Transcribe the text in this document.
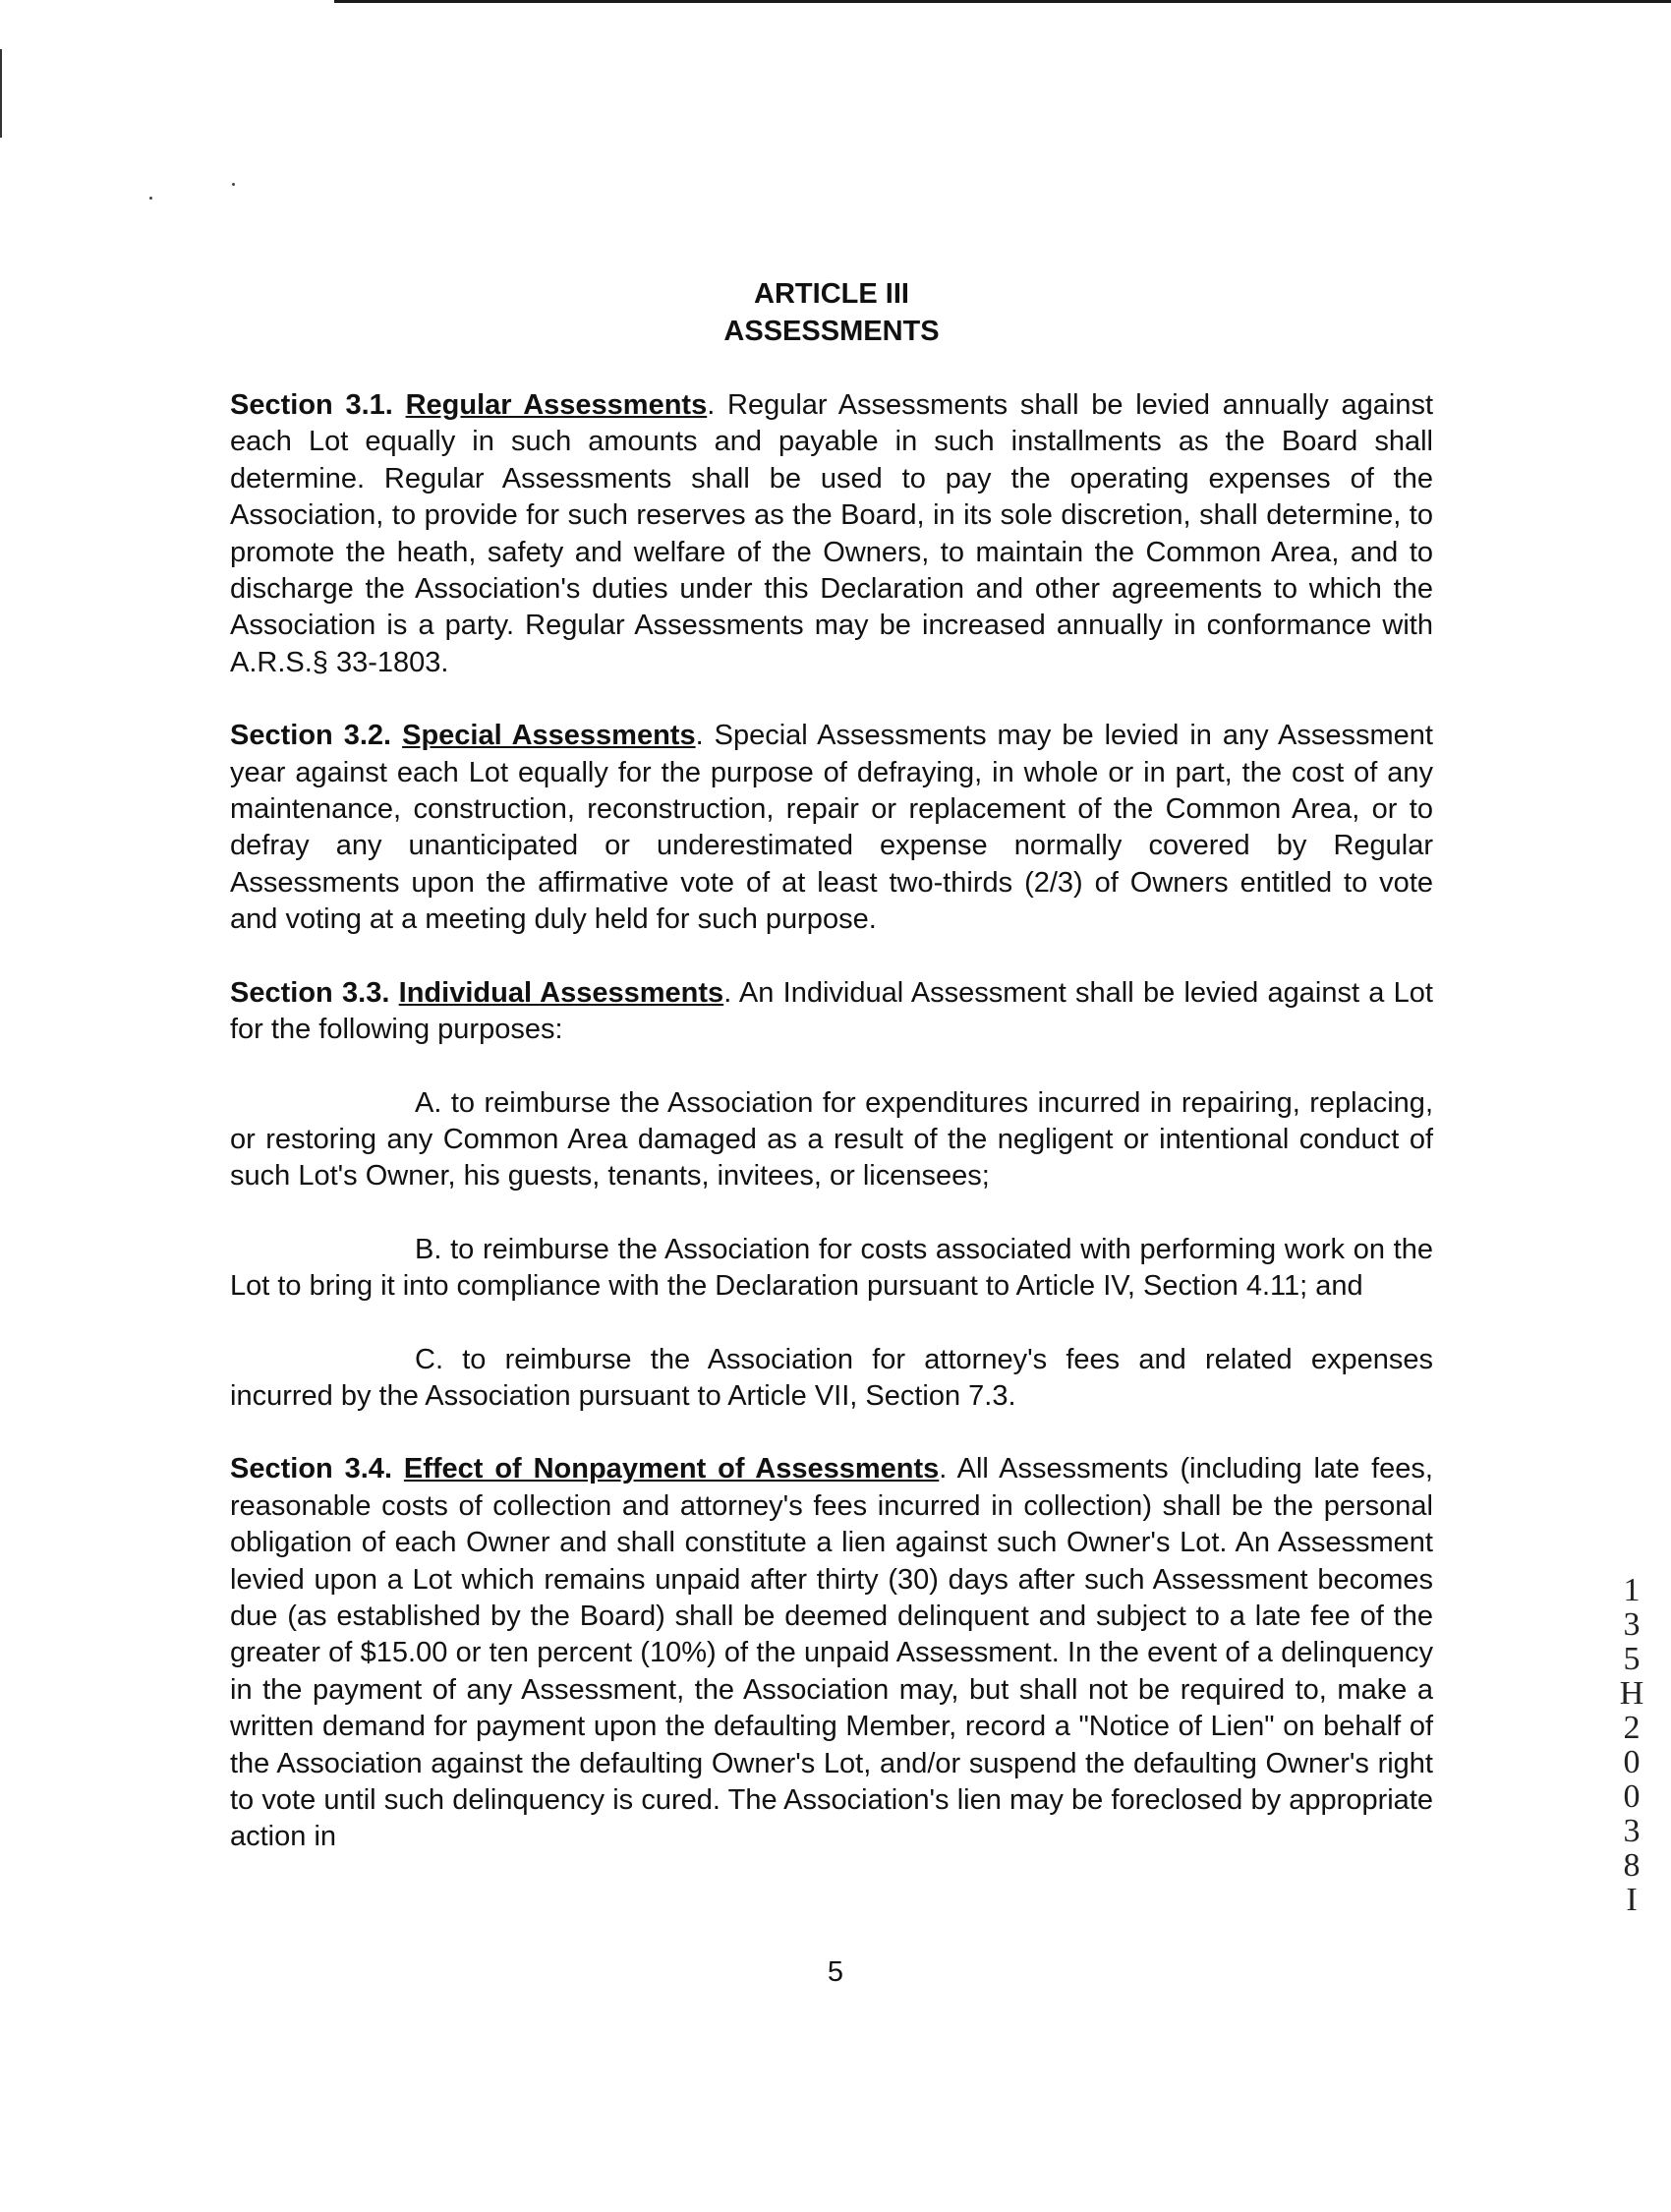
ARTICLE III
ASSESSMENTS

Section 3.1. Regular Assessments. Regular Assessments shall be levied annually against each Lot equally in such amounts and payable in such installments as the Board shall determine. Regular Assessments shall be used to pay the operating expenses of the Association, to provide for such reserves as the Board, in its sole discretion, shall determine, to promote the heath, safety and welfare of the Owners, to maintain the Common Area, and to discharge the Association's duties under this Declaration and other agreements to which the Association is a party. Regular Assessments may be increased annually in conformance with A.R.S.§ 33-1803.

Section 3.2. Special Assessments. Special Assessments may be levied in any Assessment year against each Lot equally for the purpose of defraying, in whole or in part, the cost of any maintenance, construction, reconstruction, repair or replacement of the Common Area, or to defray any unanticipated or underestimated expense normally covered by Regular Assessments upon the affirmative vote of at least two-thirds (2/3) of Owners entitled to vote and voting at a meeting duly held for such purpose.

Section 3.3. Individual Assessments. An Individual Assessment shall be levied against a Lot for the following purposes:

A. to reimburse the Association for expenditures incurred in repairing, replacing, or restoring any Common Area damaged as a result of the negligent or intentional conduct of such Lot's Owner, his guests, tenants, invitees, or licensees;

B. to reimburse the Association for costs associated with performing work on the Lot to bring it into compliance with the Declaration pursuant to Article IV, Section 4.11; and

C. to reimburse the Association for attorney's fees and related expenses incurred by the Association pursuant to Article VII, Section 7.3.

Section 3.4. Effect of Nonpayment of Assessments. All Assessments (including late fees, reasonable costs of collection and attorney's fees incurred in collection) shall be the personal obligation of each Owner and shall constitute a lien against such Owner's Lot. An Assessment levied upon a Lot which remains unpaid after thirty (30) days after such Assessment becomes due (as established by the Board) shall be deemed delinquent and subject to a late fee of the greater of $15.00 or ten percent (10%) of the unpaid Assessment. In the event of a delinquency in the payment of any Assessment, the Association may, but shall not be required to, make a written demand for payment upon the defaulting Member, record a "Notice of Lien" on behalf of the Association against the defaulting Owner's Lot, and/or suspend the defaulting Owner's right to vote until such delinquency is cured. The Association's lien may be foreclosed by appropriate action in

5
1
3
5
H
2
0
0
3
8
I
